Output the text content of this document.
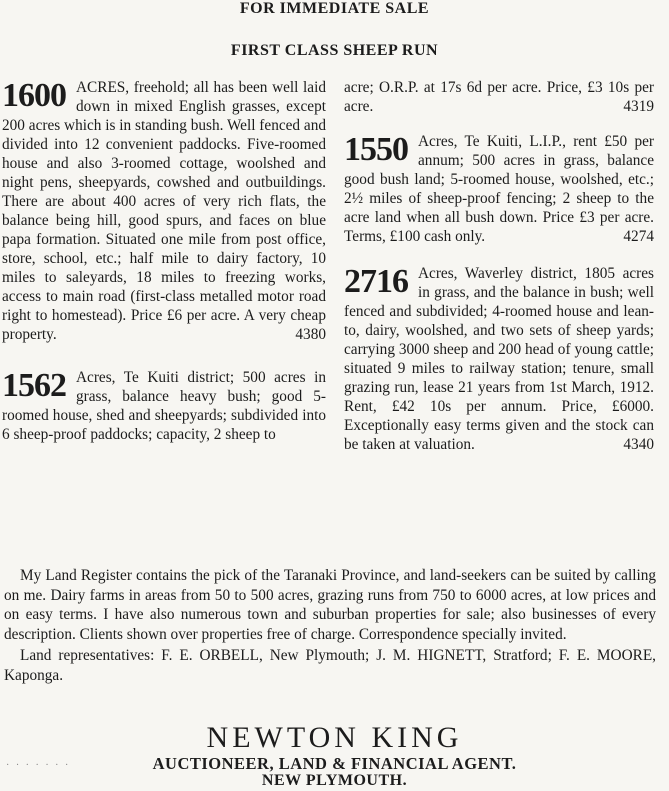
FOR IMMEDIATE SALE
FIRST CLASS SHEEP RUN
1600 ACRES, freehold; all has been well laid down in mixed English grasses, except 200 acres which is in standing bush. Well fenced and divided into 12 convenient paddocks. Five-roomed house and also 3-roomed cottage, woolshed and night pens, sheepyards, cowshed and outbuildings. There are about 400 acres of very rich flats, the balance being hill, good spurs, and faces on blue papa formation. Situated one mile from post office, store, school, etc.; half mile to dairy factory, 10 miles to saleyards, 18 miles to freezing works, access to main road (first-class metalled motor road right to homestead). Price £6 per acre. A very cheap property.	4380
1562 Acres, Te Kuiti district; 500 acres in grass, balance heavy bush; good 5-roomed house, shed and sheepyards; subdivided into 6 sheep-proof paddocks; capacity, 2 sheep to
acre; O.R.P. at 17s 6d per acre. Price, £3 10s per acre.	4319
1550 Acres, Te Kuiti, L.I.P., rent £50 per annum; 500 acres in grass, balance good bush land; 5-roomed house, woolshed, etc.; 2½ miles of sheep-proof fencing; 2 sheep to the acre land when all bush down. Price £3 per acre. Terms, £100 cash only.	4274
2716 Acres, Waverley district, 1805 acres in grass, and the balance in bush; well fenced and subdivided; 4-roomed house and lean-to, dairy, woolshed, and two sets of sheep yards; carrying 3000 sheep and 200 head of young cattle; situated 9 miles to railway station; tenure, small grazing run, lease 21 years from 1st March, 1912. Rent, £42 10s per annum. Price, £6000. Exceptionally easy terms given and the stock can be taken at valuation.	4340
My Land Register contains the pick of the Taranaki Province, and land-seekers can be suited by calling on me. Dairy farms in areas from 50 to 500 acres, grazing runs from 750 to 6000 acres, at low prices and on easy terms. I have also numerous town and suburban properties for sale; also businesses of every description. Clients shown over properties free of charge. Correspondence specially invited.
Land representatives: F. E. ORBELL, New Plymouth; J. M. HIGNETT, Stratford; F. E. MOORE, Kaponga.
· · · · · · ·
NEWTON KING
AUCTIONEER, LAND & FINANCIAL AGENT.
NEW PLYMOUTH.
